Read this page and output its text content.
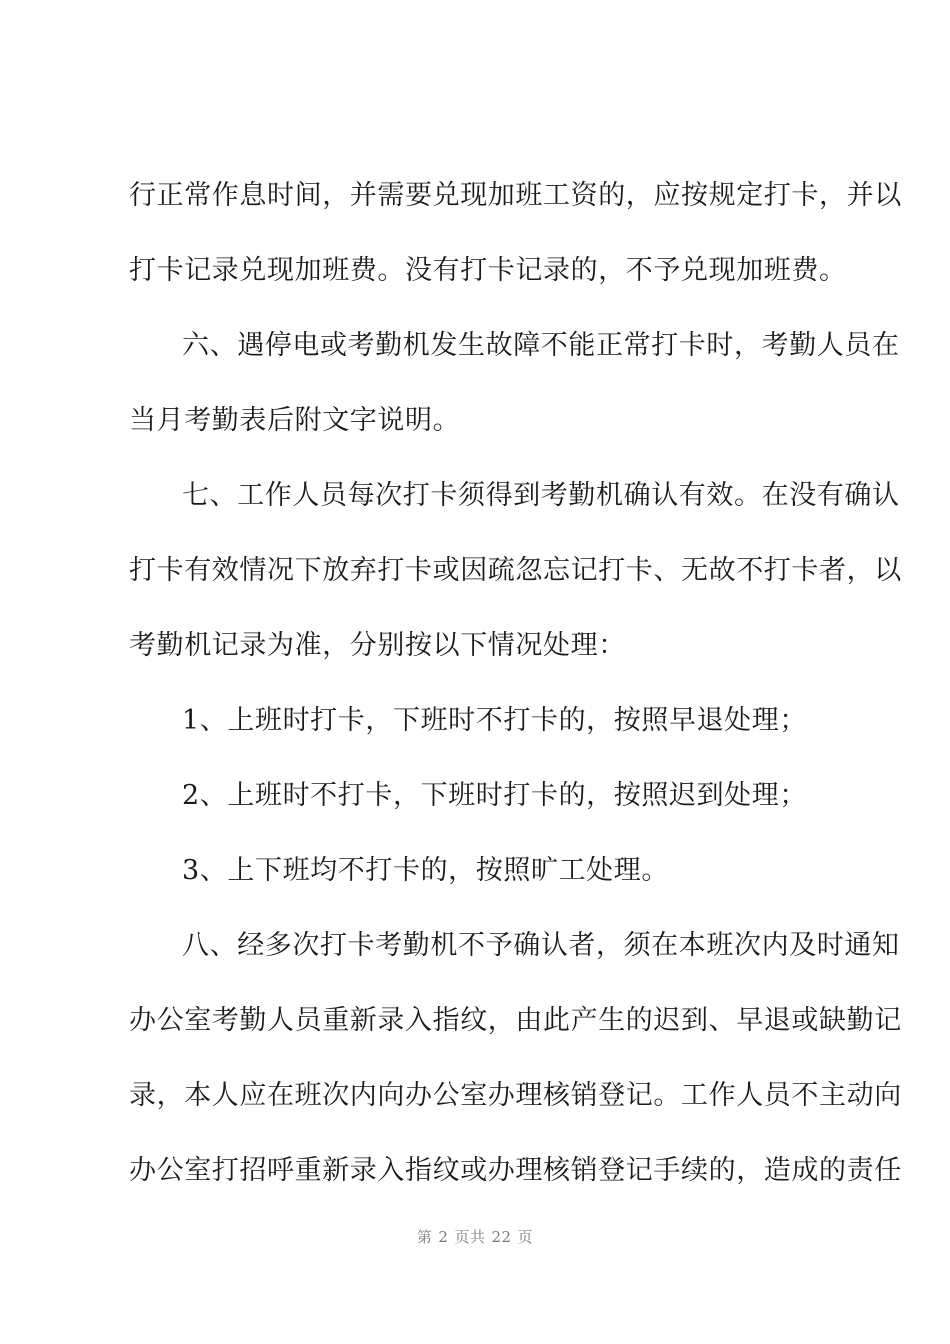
行正常作息时间，并需要兑现加班工资的，应按规定打卡，并以
打卡记录兑现加班费。没有打卡记录的，不予兑现加班费。
六、遇停电或考勤机发生故障不能正常打卡时，考勤人员在
当月考勤表后附文字说明。
七、工作人员每次打卡须得到考勤机确认有效。在没有确认
打卡有效情况下放弃打卡或因疏忽忘记打卡、无故不打卡者，以
考勤机记录为准，分别按以下情况处理：
1、上班时打卡，下班时不打卡的，按照早退处理；
2、上班时不打卡，下班时打卡的，按照迟到处理；
3、上下班均不打卡的，按照旷工处理。
八、经多次打卡考勤机不予确认者，须在本班次内及时通知
办公室考勤人员重新录入指纹，由此产生的迟到、早退或缺勤记
录，本人应在班次内向办公室办理核销登记。工作人员不主动向
办公室打招呼重新录入指纹或办理核销登记手续的，造成的责任
第 2 页共 22 页
